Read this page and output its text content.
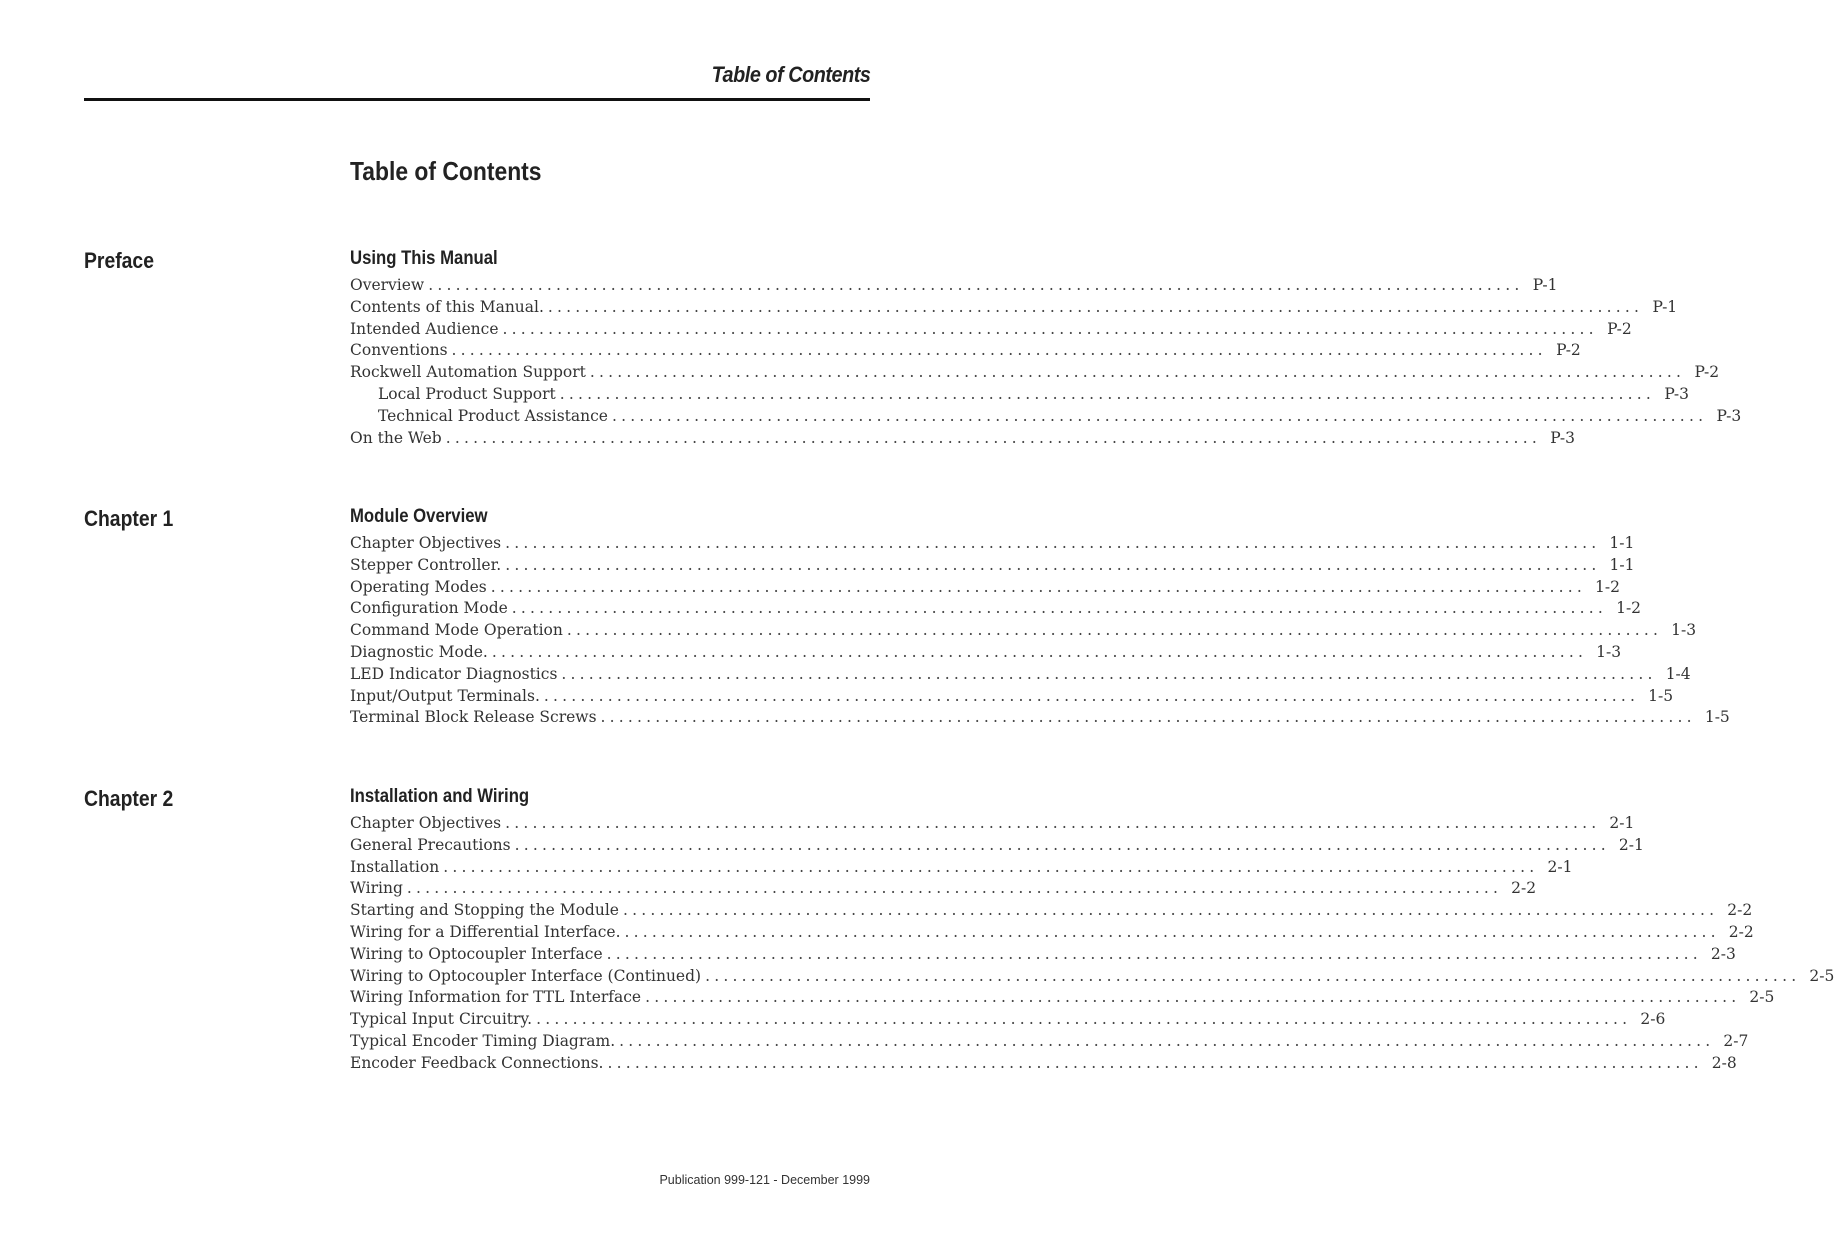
Table of Contents
Table of Contents
Preface	Using This Manual
Overview ........................................................................................................................ P-1
Contents of this Manual. ........................................................................................................................ P-1
Intended Audience ........................................................................................................................ P-2
Conventions ........................................................................................................................ P-2
Rockwell Automation Support ........................................................................................................................ P-2
Local Product Support ........................................................................................................................ P-3
Technical Product Assistance ........................................................................................................................ P-3
On the Web ........................................................................................................................ P-3
Chapter 1	Module Overview
Chapter Objectives ........................................................................................................................ 1-1
Stepper Controller. ........................................................................................................................ 1-1
Operating Modes ........................................................................................................................ 1-2
Configuration Mode ........................................................................................................................ 1-2
Command Mode Operation ........................................................................................................................ 1-3
Diagnostic Mode. ........................................................................................................................ 1-3
LED Indicator Diagnostics ........................................................................................................................ 1-4
Input/Output Terminals. ........................................................................................................................ 1-5
Terminal Block Release Screws ........................................................................................................................ 1-5
Chapter 2	Installation and Wiring
Chapter Objectives ........................................................................................................................ 2-1
General Precautions ........................................................................................................................ 2-1
Installation ........................................................................................................................ 2-1
Wiring ........................................................................................................................ 2-2
Starting and Stopping the Module ........................................................................................................................ 2-2
Wiring for a Differential Interface. ........................................................................................................................ 2-2
Wiring to Optocoupler Interface ........................................................................................................................ 2-3
Wiring to Optocoupler Interface (Continued) ........................................................................................................................ 2-5
Wiring Information for TTL Interface ........................................................................................................................ 2-5
Typical Input Circuitry. ........................................................................................................................ 2-6
Typical Encoder Timing Diagram. ........................................................................................................................ 2-7
Encoder Feedback Connections. ........................................................................................................................ 2-8
Publication 999-121 - December 1999
